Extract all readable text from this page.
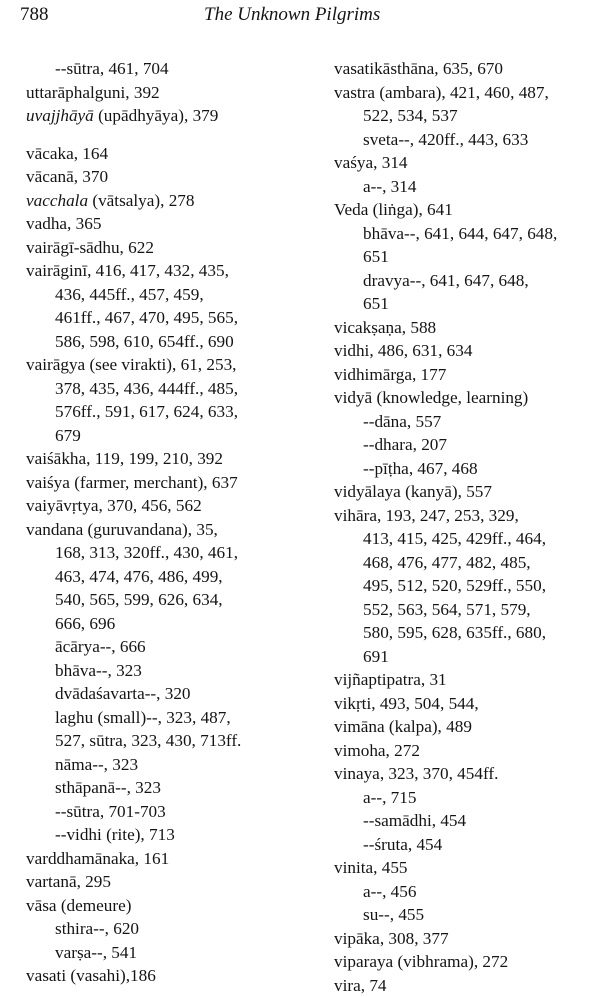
788	The Unknown Pilgrims
--sūtra, 461, 704
uttarāphalguni, 392
uvajjhāyā (upādhyāya), 379
vācaka, 164
vācanā, 370
vacchala (vātsalya), 278
vadha, 365
vairāgī-sādhu, 622
vairāginī, 416, 417, 432, 435,
436, 445ff., 457, 459,
461ff., 467, 470, 495, 565,
586, 598, 610, 654ff., 690
vairāgya (see virakti), 61, 253,
378, 435, 436, 444ff., 485,
576ff., 591, 617, 624, 633,
679
vaiśākha, 119, 199, 210, 392
vaiśya (farmer, merchant), 637
vaiyāvṛtya, 370, 456, 562
vandana (guruvandana), 35,
168, 313, 320ff., 430, 461,
463, 474, 476, 486, 499,
540, 565, 599, 626, 634,
666, 696
ācārya--, 666
bhāva--, 323
dvādaśavarta--, 320
laghu (small)--, 323, 487,
527, sūtra, 323, 430, 713ff.
nāma--, 323
sthāpanā--, 323
--sūtra, 701-703
--vidhi (rite), 713
varddhamānaka, 161
vartanā, 295
vāsa (demeure)
sthira--, 620
varṣa--, 541
vasati (vasahi),186
vasatikāsthāna, 635, 670
vastra (ambara), 421, 460, 487,
522, 534, 537
sveta--, 420ff., 443, 633
vaśya, 314
a--, 314
Veda (liṅga), 641
bhāva--, 641, 644, 647, 648,
651
dravya--, 641, 647, 648,
651
vicakṣaṇa, 588
vidhi, 486, 631, 634
vidhimārga, 177
vidyā (knowledge, learning)
--dāna, 557
--dhara, 207
--pīṭha, 467, 468
vidyālaya (kanyā), 557
vihāra, 193, 247, 253, 329,
413, 415, 425, 429ff., 464,
468, 476, 477, 482, 485,
495, 512, 520, 529ff., 550,
552, 563, 564, 571, 579,
580, 595, 628, 635ff., 680,
691
vijñaptipatra, 31
vikṛti, 493, 504, 544,
vimāna (kalpa), 489
vimoha, 272
vinaya, 323, 370, 454ff.
a--, 715
--samādhi, 454
--śruta, 454
vinita, 455
a--, 456
su--, 455
vipāka, 308, 377
viparaya (vibhrama), 272
vira, 74
